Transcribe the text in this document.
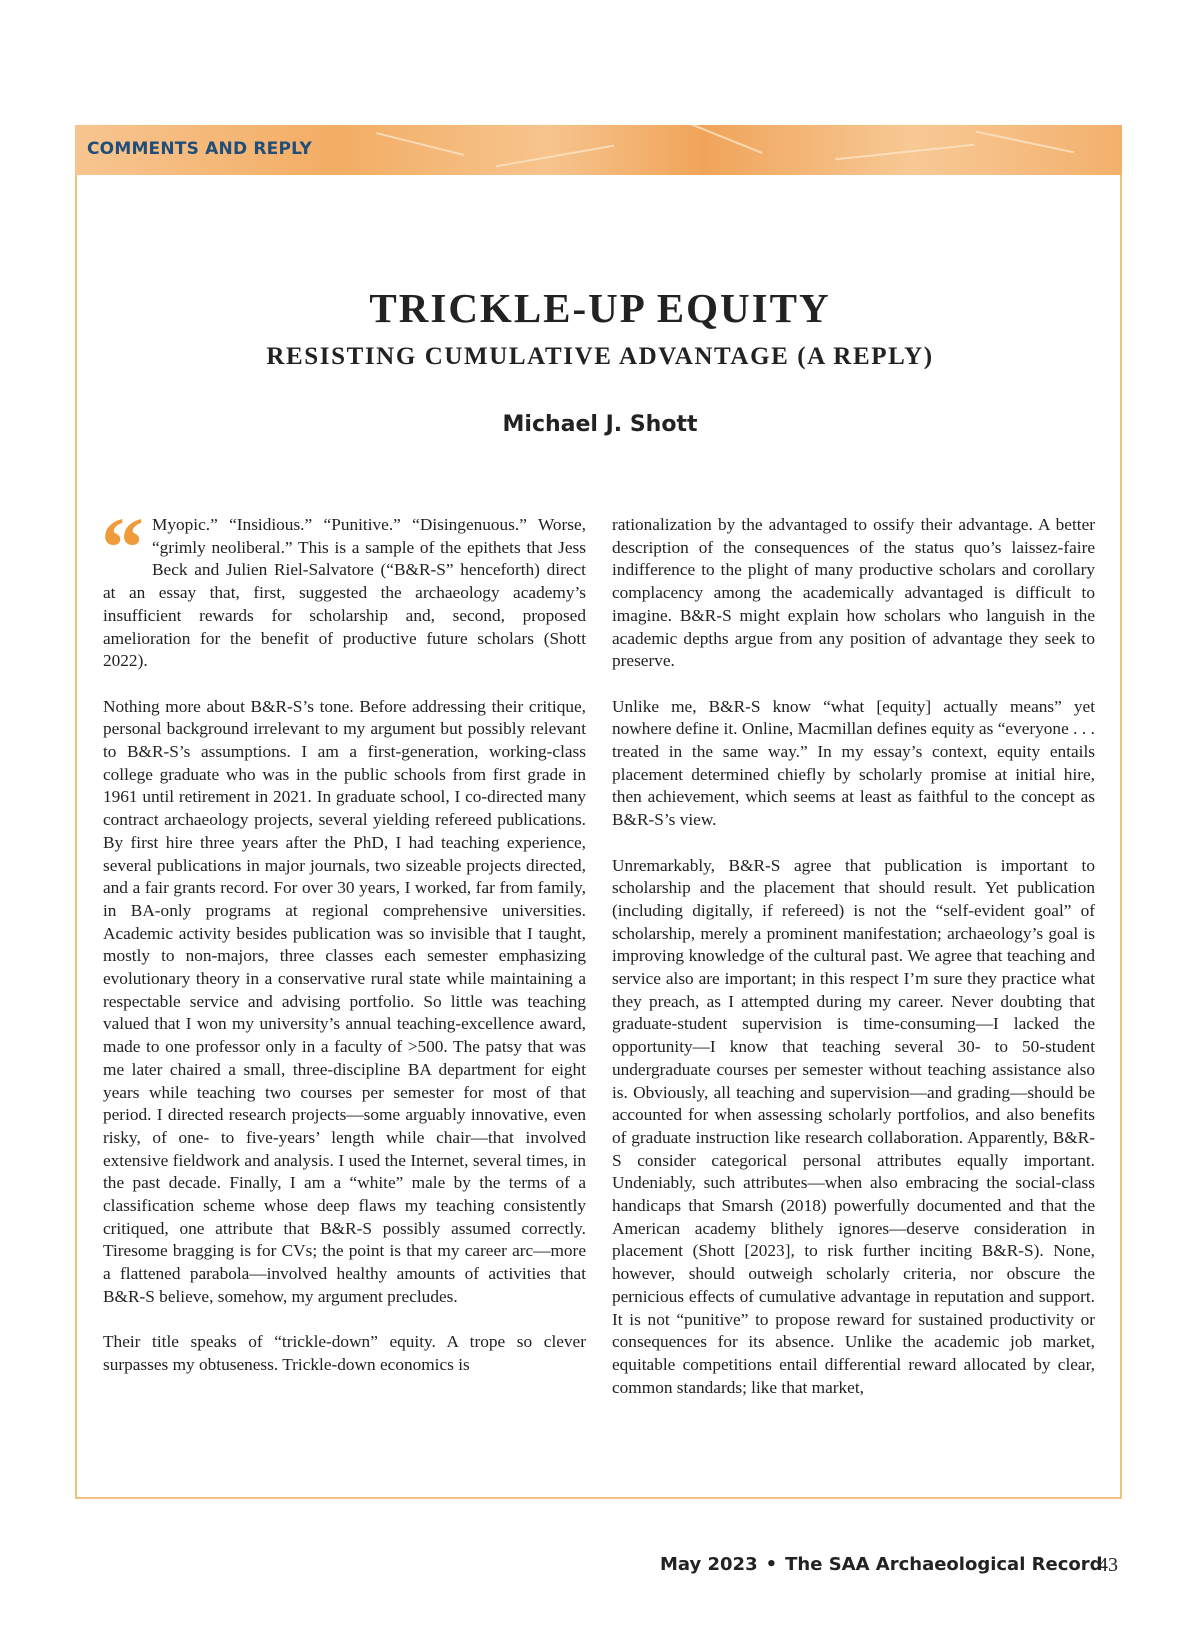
COMMENTS AND REPLY
TRICKLE-UP EQUITY
RESISTING CUMULATIVE ADVANTAGE (A REPLY)
Michael J. Shott

“ Myopic.” “Insidious.” “Punitive.” “Disingenuous.” Worse, “grimly neoliberal.” This is a sample of the epithets that Jess Beck and Julien Riel-Salvatore (“B&R-S” henceforth) direct at an essay that, first, suggested the archaeology academy’s insufficient rewards for scholarship and, second, proposed amelioration for the benefit of productive future scholars (Shott 2022).

Nothing more about B&R-S’s tone. Before addressing their critique, personal background irrelevant to my argument but possibly relevant to B&R-S’s assumptions. I am a first-generation, working-class college graduate who was in the public schools from first grade in 1961 until retirement in 2021. In graduate school, I co-directed many contract archaeology projects, several yielding refereed publications. By first hire three years after the PhD, I had teaching experience, several publications in major journals, two sizeable projects directed, and a fair grants record. For over 30 years, I worked, far from family, in BA-only programs at regional comprehensive universities. Academic activity besides publication was so invisible that I taught, mostly to non-majors, three classes each semester emphasizing evolutionary theory in a conservative rural state while maintaining a respectable service and advising portfolio. So little was teaching valued that I won my university’s annual teaching-excellence award, made to one professor only in a faculty of >500. The patsy that was me later chaired a small, three-discipline BA department for eight years while teaching two courses per semester for most of that period. I directed research projects—some arguably innovative, even risky, of one- to five-years’ length while chair—that involved extensive fieldwork and analysis. I used the Internet, several times, in the past decade. Finally, I am a “white” male by the terms of a classification scheme whose deep flaws my teaching consistently critiqued, one attribute that B&R-S possibly assumed correctly. Tiresome bragging is for CVs; the point is that my career arc—more a flattened parabola—involved healthy amounts of activities that B&R-S believe, somehow, my argument precludes.

Their title speaks of “trickle-down” equity. A trope so clever surpasses my obtuseness. Trickle-down economics is

rationalization by the advantaged to ossify their advantage. A better description of the consequences of the status quo’s laissez-faire indifference to the plight of many productive scholars and corollary complacency among the academically advantaged is difficult to imagine. B&R-S might explain how scholars who languish in the academic depths argue from any position of advantage they seek to preserve.

Unlike me, B&R-S know “what [equity] actually means” yet nowhere define it. Online, Macmillan defines equity as “everyone . . . treated in the same way.” In my essay’s context, equity entails placement determined chiefly by scholarly promise at initial hire, then achievement, which seems at least as faithful to the concept as B&R-S’s view.

Unremarkably, B&R-S agree that publication is important to scholarship and the placement that should result. Yet publication (including digitally, if refereed) is not the “self-evident goal” of scholarship, merely a prominent manifestation; archaeology’s goal is improving knowledge of the cultural past. We agree that teaching and service also are important; in this respect I’m sure they practice what they preach, as I attempted during my career. Never doubting that graduate-student supervision is time-consuming—I lacked the opportunity—I know that teaching several 30- to 50-student undergraduate courses per semester without teaching assistance also is. Obviously, all teaching and supervision—and grading—should be accounted for when assessing scholarly portfolios, and also benefits of graduate instruction like research collaboration. Apparently, B&R-S consider categorical personal attributes equally important. Undeniably, such attributes—when also embracing the social-class handicaps that Smarsh (2018) powerfully documented and that the American academy blithely ignores—deserve consideration in placement (Shott [2023], to risk further inciting B&R-S). None, however, should outweigh scholarly criteria, nor obscure the pernicious effects of cumulative advantage in reputation and support. It is not “punitive” to propose reward for sustained productivity or consequences for its absence. Unlike the academic job market, equitable competitions entail differential reward allocated by clear, common standards; like that market,

May 2023 • The SAA Archaeological Record
43
